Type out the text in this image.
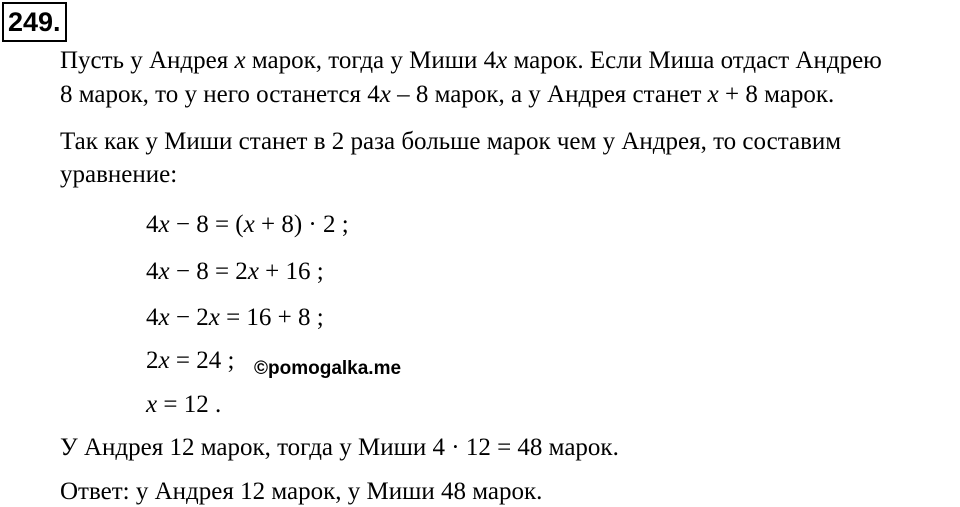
249.
Пусть у Андрея x марок, тогда у Миши 4x марок. Если Миша отдаст Андрею
8 марок, то у него останется 4x – 8 марок, а у Андрея станет x + 8 марок.
Так как у Миши станет в 2 раза больше марок чем у Андрея, то составим
уравнение:
4x − 8 = (x + 8) · 2 ;
4x − 8 = 2x + 16 ;
4x − 2x = 16 + 8 ;
2x = 24 ; ©pomogalka.me
x = 12 .
У Андрея 12 марок, тогда у Миши 4 · 12 = 48 марок.
Ответ: у Андрея 12 марок, у Миши 48 марок.
